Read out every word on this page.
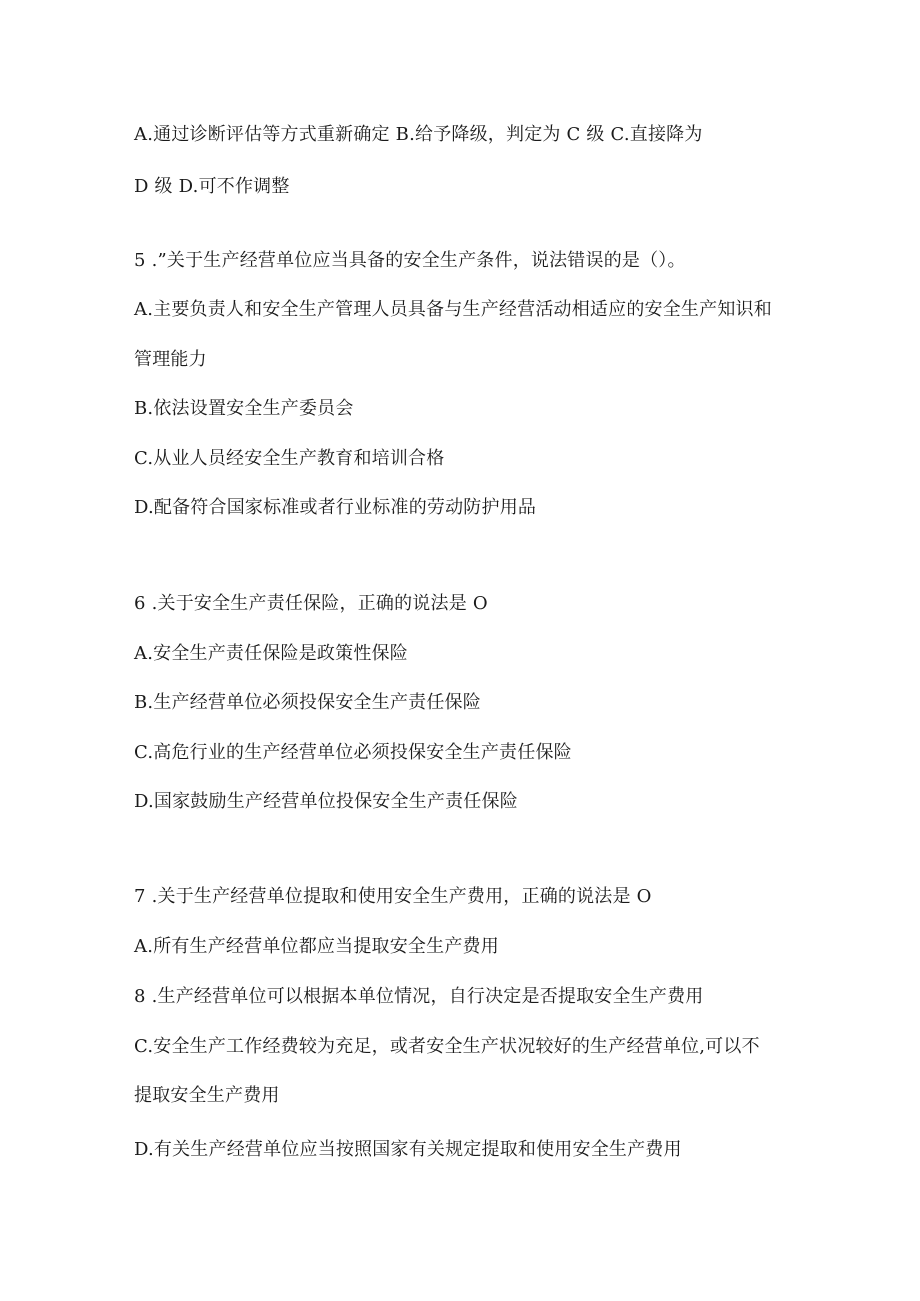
A.通过诊断评估等方式重新确定 B.给予降级，判定为 C 级 C.直接降为
D 级 D.可不作调整
5 .”关于生产经营单位应当具备的安全生产条件，说法错误的是（）。
A.主要负责人和安全生产管理人员具备与生产经营活动相适应的安全生产知识和
管理能力
B.依法设置安全生产委员会
C.从业人员经安全生产教育和培训合格
D.配备符合国家标准或者行业标准的劳动防护用品
6 .关于安全生产责任保险，正确的说法是 O
A.安全生产责任保险是政策性保险
B.生产经营单位必须投保安全生产责任保险
C.高危行业的生产经营单位必须投保安全生产责任保险
D.国家鼓励生产经营单位投保安全生产责任保险
7 .关于生产经营单位提取和使用安全生产费用，正确的说法是 O
A.所有生产经营单位都应当提取安全生产费用
8 .生产经营单位可以根据本单位情况，自行决定是否提取安全生产费用
C.安全生产工作经费较为充足，或者安全生产状况较好的生产经营单位,可以不
提取安全生产费用
D.有关生产经营单位应当按照国家有关规定提取和使用安全生产费用
